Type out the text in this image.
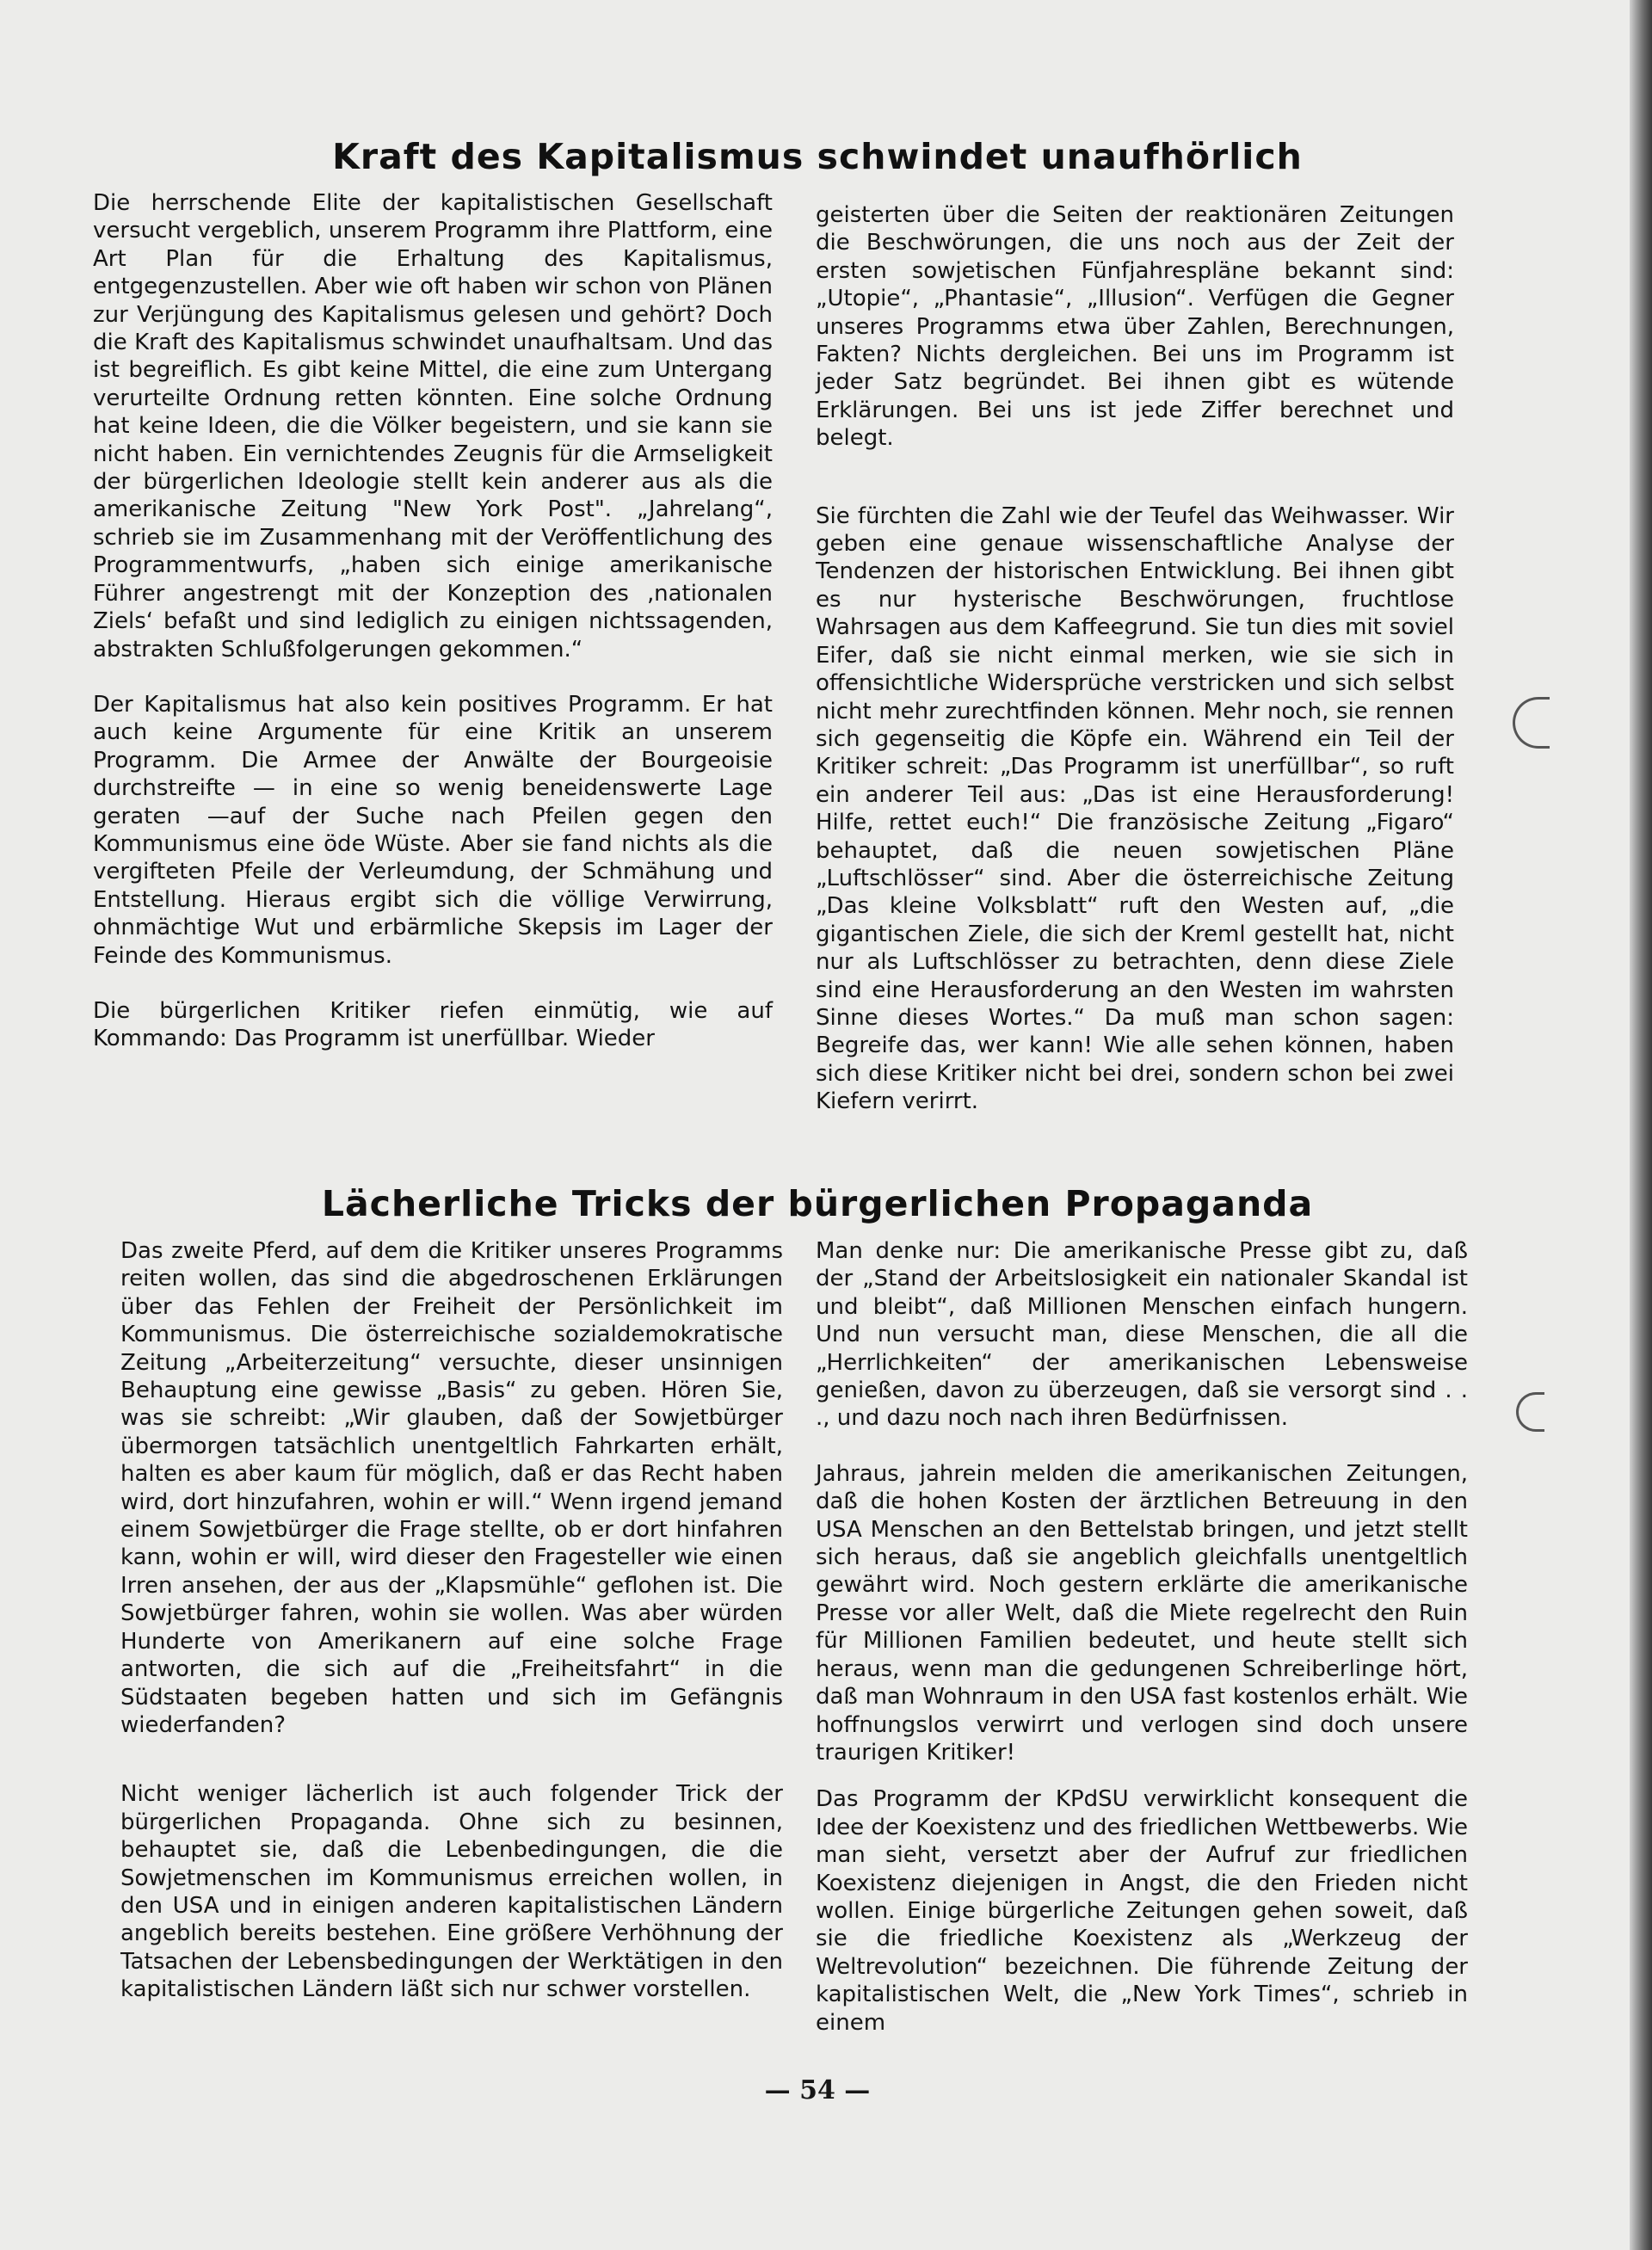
Kraft des Kapitalismus schwindet unaufhörlich

Die herrschende Elite der kapitalistischen Gesellschaft versucht vergeblich, unserem Programm ihre Plattform, eine Art Plan für die Erhaltung des Kapitalismus, entgegenzustellen. Aber wie oft haben wir schon von Plänen zur Verjüngung des Kapitalismus gelesen und gehört? Doch die Kraft des Kapitalismus schwindet unaufhaltsam. Und das ist begreiflich. Es gibt keine Mittel, die eine zum Untergang verurteilte Ordnung retten könnten. Eine solche Ordnung hat keine Ideen, die die Völker begeistern, und sie kann sie nicht haben. Ein vernichtendes Zeugnis für die Armseligkeit der bürgerlichen Ideologie stellt kein anderer aus als die amerikanische Zeitung "New York Post". „Jahrelang“, schrieb sie im Zusammenhang mit der Veröffentlichung des Programmentwurfs, „haben sich einige amerikanische Führer angestrengt mit der Konzeption des ‚nationalen Ziels‘ befaßt und sind lediglich zu einigen nichtssagenden, abstrakten Schlußfolgerungen gekommen.“

Der Kapitalismus hat also kein positives Programm. Er hat auch keine Argumente für eine Kritik an unserem Programm. Die Armee der Anwälte der Bourgeoisie durchstreifte — in eine so wenig beneidenswerte Lage geraten —auf der Suche nach Pfeilen gegen den Kommunismus eine öde Wüste. Aber sie fand nichts als die vergifteten Pfeile der Verleumdung, der Schmähung und Entstellung. Hieraus ergibt sich die völlige Verwirrung, ohnmächtige Wut und erbärmliche Skepsis im Lager der Feinde des Kommunismus.

Die bürgerlichen Kritiker riefen einmütig, wie auf Kommando: Das Programm ist unerfüllbar. Wieder

geisterten über die Seiten der reaktionären Zeitungen die Beschwörungen, die uns noch aus der Zeit der ersten sowjetischen Fünfjahrespläne bekannt sind: „Utopie“, „Phantasie“, „Illusion“. Verfügen die Gegner unseres Programms etwa über Zahlen, Berechnungen, Fakten? Nichts dergleichen. Bei uns im Programm ist jeder Satz begründet. Bei ihnen gibt es wütende Erklärungen. Bei uns ist jede Ziffer berechnet und belegt.

Sie fürchten die Zahl wie der Teufel das Weihwasser. Wir geben eine genaue wissenschaftliche Analyse der Tendenzen der historischen Entwicklung. Bei ihnen gibt es nur hysterische Beschwörungen, fruchtlose Wahrsagen aus dem Kaffeegrund. Sie tun dies mit soviel Eifer, daß sie nicht einmal merken, wie sie sich in offensichtliche Widersprüche verstricken und sich selbst nicht mehr zurechtfinden können. Mehr noch, sie rennen sich gegenseitig die Köpfe ein. Während ein Teil der Kritiker schreit: „Das Programm ist unerfüllbar“, so ruft ein anderer Teil aus: „Das ist eine Herausforderung! Hilfe, rettet euch!“ Die französische Zeitung „Figaro“ behauptet, daß die neuen sowjetischen Pläne „Luftschlösser“ sind. Aber die österreichische Zeitung „Das kleine Volksblatt“ ruft den Westen auf, „die gigantischen Ziele, die sich der Kreml gestellt hat, nicht nur als Luftschlösser zu betrachten, denn diese Ziele sind eine Herausforderung an den Westen im wahrsten Sinne dieses Wortes.“ Da muß man schon sagen: Begreife das, wer kann! Wie alle sehen können, haben sich diese Kritiker nicht bei drei, sondern schon bei zwei Kiefern verirrt.

Lächerliche Tricks der bürgerlichen Propaganda

Das zweite Pferd, auf dem die Kritiker unseres Programms reiten wollen, das sind die abgedroschenen Erklärungen über das Fehlen der Freiheit der Persönlichkeit im Kommunismus. Die österreichische sozialdemokratische Zeitung „Arbeiterzeitung“ versuchte, dieser unsinnigen Behauptung eine gewisse „Basis“ zu geben. Hören Sie, was sie schreibt: „Wir glauben, daß der Sowjetbürger übermorgen tatsächlich unentgeltlich Fahrkarten erhält, halten es aber kaum für möglich, daß er das Recht haben wird, dort hinzufahren, wohin er will.“ Wenn irgend jemand einem Sowjetbürger die Frage stellte, ob er dort hinfahren kann, wohin er will, wird dieser den Fragesteller wie einen Irren ansehen, der aus der „Klapsmühle“ geflohen ist. Die Sowjetbürger fahren, wohin sie wollen. Was aber würden Hunderte von Amerikanern auf eine solche Frage antworten, die sich auf die „Freiheitsfahrt“ in die Südstaaten begeben hatten und sich im Gefängnis wiederfanden?

Nicht weniger lächerlich ist auch folgender Trick der bürgerlichen Propaganda. Ohne sich zu besinnen, behauptet sie, daß die Lebenbedingungen, die die Sowjetmenschen im Kommunismus erreichen wollen, in den USA und in einigen anderen kapitalistischen Ländern angeblich bereits bestehen. Eine größere Verhöhnung der Tatsachen der Lebensbedingungen der Werktätigen in den kapitalistischen Ländern läßt sich nur schwer vorstellen.

Man denke nur: Die amerikanische Presse gibt zu, daß der „Stand der Arbeitslosigkeit ein nationaler Skandal ist und bleibt“, daß Millionen Menschen einfach hungern. Und nun versucht man, diese Menschen, die all die „Herrlichkeiten“ der amerikanischen Lebensweise genießen, davon zu überzeugen, daß sie versorgt sind . . ., und dazu noch nach ihren Bedürfnissen.

Jahraus, jahrein melden die amerikanischen Zeitungen, daß die hohen Kosten der ärztlichen Betreuung in den USA Menschen an den Bettelstab bringen, und jetzt stellt sich heraus, daß sie angeblich gleichfalls unentgeltlich gewährt wird. Noch gestern erklärte die amerikanische Presse vor aller Welt, daß die Miete regelrecht den Ruin für Millionen Familien bedeutet, und heute stellt sich heraus, wenn man die gedungenen Schreiberlinge hört, daß man Wohnraum in den USA fast kostenlos erhält. Wie hoffnungslos verwirrt und verlogen sind doch unsere traurigen Kritiker!

Das Programm der KPdSU verwirklicht konsequent die Idee der Koexistenz und des friedlichen Wettbewerbs. Wie man sieht, versetzt aber der Aufruf zur friedlichen Koexistenz diejenigen in Angst, die den Frieden nicht wollen. Einige bürgerliche Zeitungen gehen soweit, daß sie die friedliche Koexistenz als „Werkzeug der Weltrevolution“ bezeichnen. Die führende Zeitung der kapitalistischen Welt, die „New York Times“, schrieb in einem

— 54 —
